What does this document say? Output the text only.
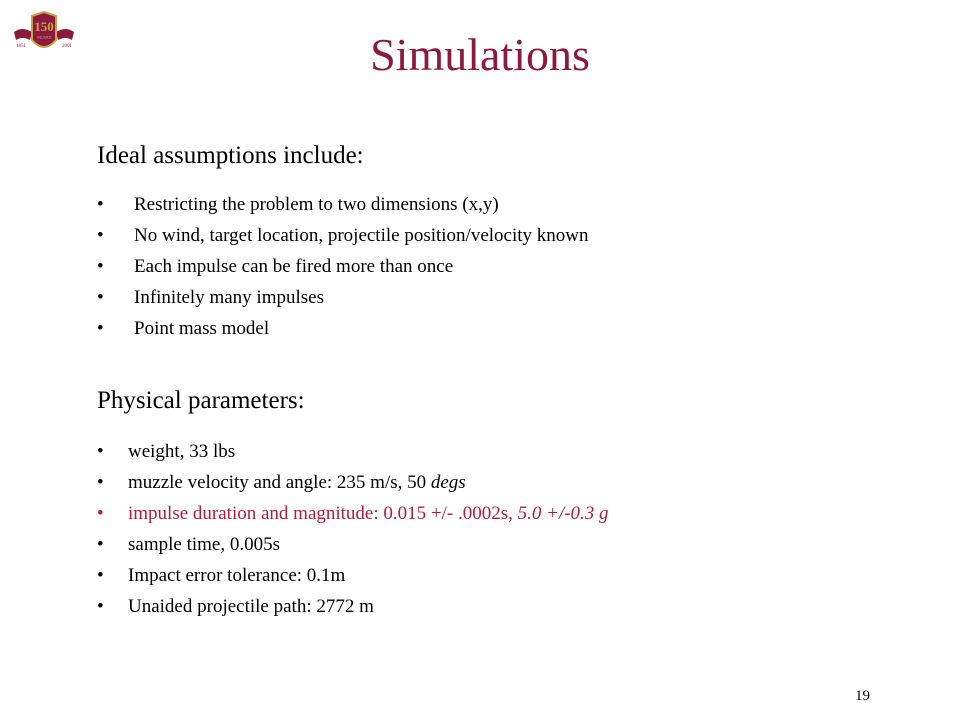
150
YEARS
1851	2001	Simulations
Ideal assumptions include:
• Restricting the problem to two dimensions (x,y)
• No wind, target location, projectile position/velocity known
• Each impulse can be fired more than once
• Infinitely many impulses
• Point mass model
Physical parameters:
• weight, 33 lbs
• muzzle velocity and angle: 235 m/s, 50 degs
• impulse duration and magnitude: 0.015 +/- .0002s, 5.0 +/-0.3 g
• sample time, 0.005s
• Impact error tolerance: 0.1m
• Unaided projectile path: 2772 m
19
